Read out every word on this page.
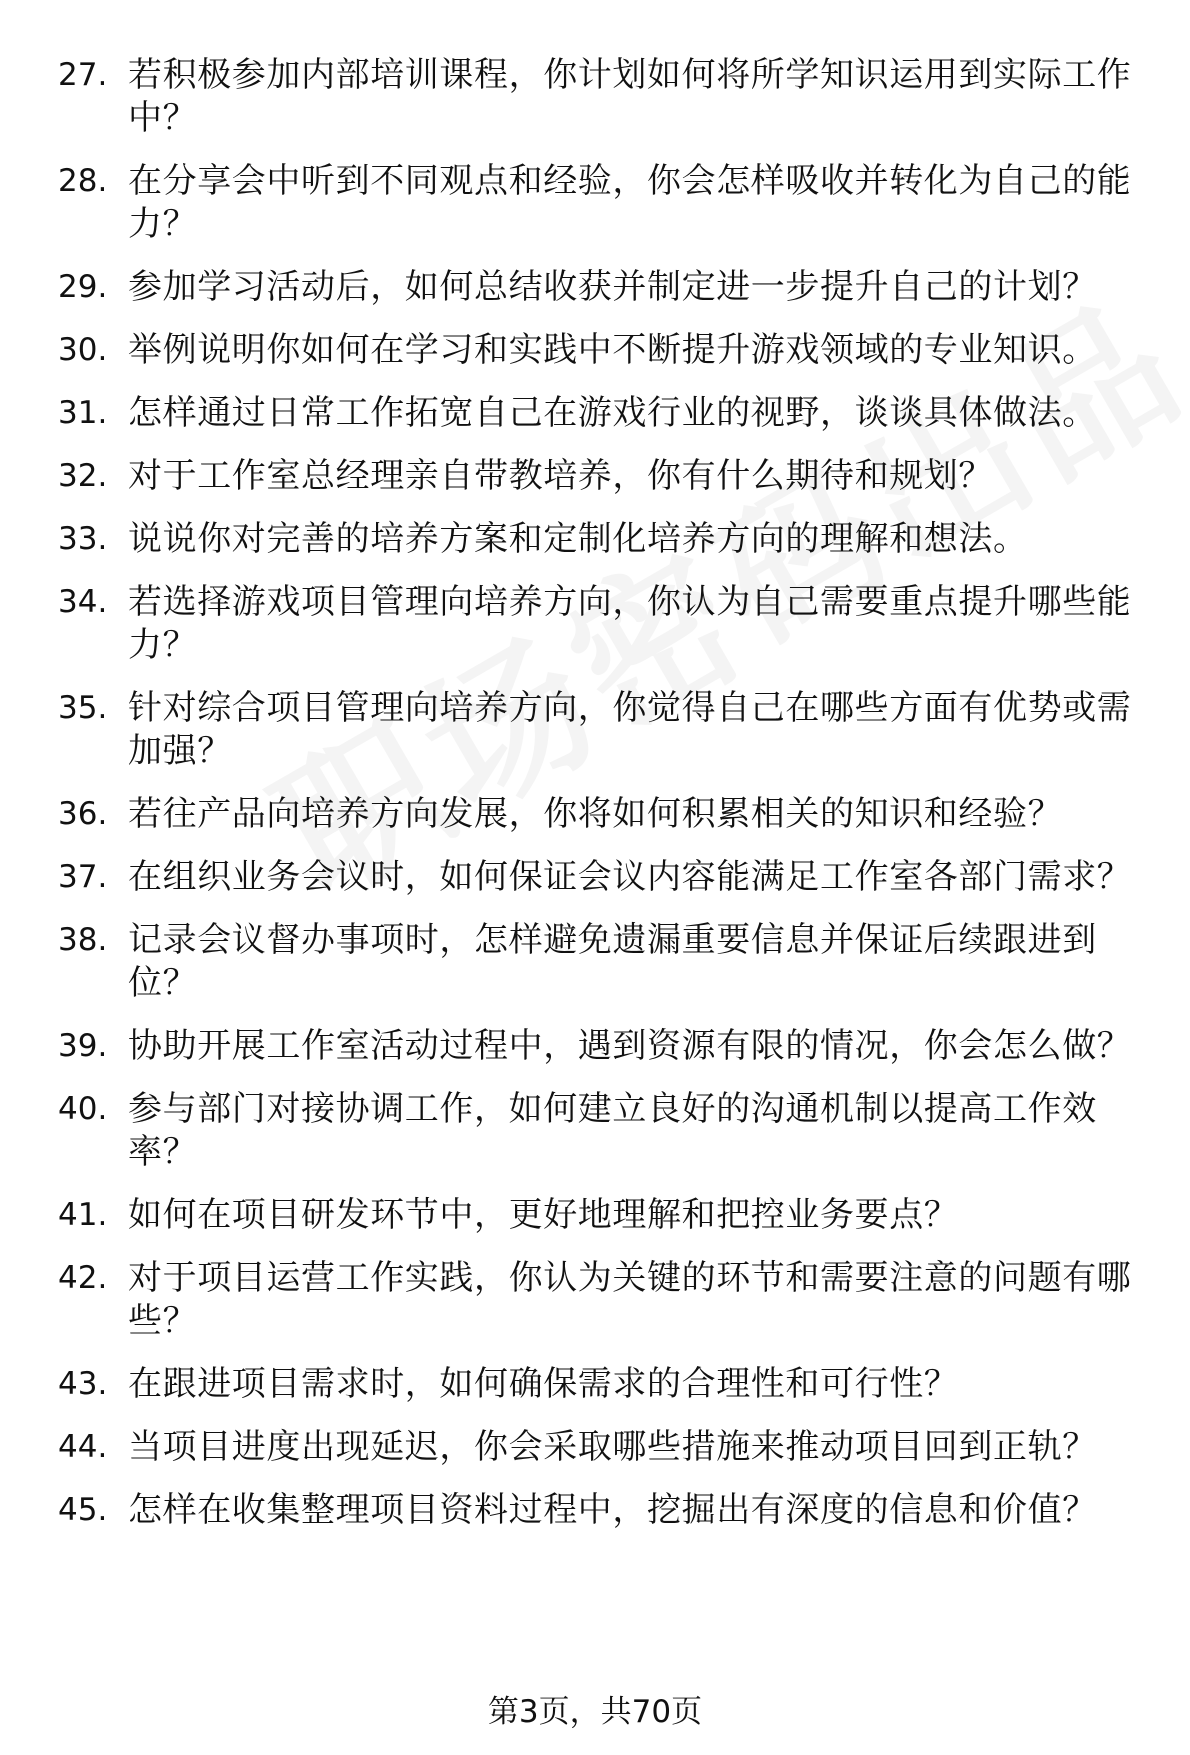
27. 若积极参加内部培训课程，你计划如何将所学知识运用到实际工作中？
28. 在分享会中听到不同观点和经验，你会怎样吸收并转化为自己的能力？
29. 参加学习活动后，如何总结收获并制定进一步提升自己的计划？
30. 举例说明你如何在学习和实践中不断提升游戏领域的专业知识。
31. 怎样通过日常工作拓宽自己在游戏行业的视野，谈谈具体做法。
32. 对于工作室总经理亲自带教培养，你有什么期待和规划？
33. 说说你对完善的培养方案和定制化培养方向的理解和想法。
34. 若选择游戏项目管理向培养方向，你认为自己需要重点提升哪些能力？
35. 针对综合项目管理向培养方向，你觉得自己在哪些方面有优势或需加强？
36. 若往产品向培养方向发展，你将如何积累相关的知识和经验？
37. 在组织业务会议时，如何保证会议内容能满足工作室各部门需求？
38. 记录会议督办事项时，怎样避免遗漏重要信息并保证后续跟进到位？
39. 协助开展工作室活动过程中，遇到资源有限的情况，你会怎么做？
40. 参与部门对接协调工作，如何建立良好的沟通机制以提高工作效率？
41. 如何在项目研发环节中，更好地理解和把控业务要点？
42. 对于项目运营工作实践，你认为关键的环节和需要注意的问题有哪些？
43. 在跟进项目需求时，如何确保需求的合理性和可行性？
44. 当项目进度出现延迟，你会采取哪些措施来推动项目回到正轨？
45. 怎样在收集整理项目资料过程中，挖掘出有深度的信息和价值？
第3页，共70页
